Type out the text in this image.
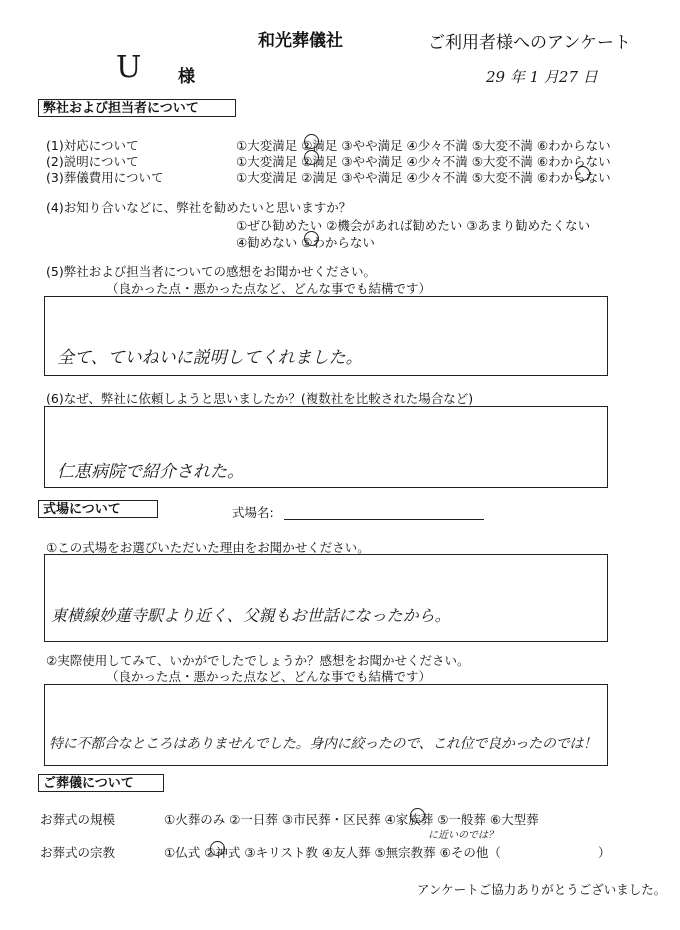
和光葬儀社	ご利用者様へのアンケート
U 様	29 年 1 月27 日
弊社および担当者について
(1)対応について	①大変満足 ②満足 ③やや満足 ④少々不満 ⑤大変不満 ⑥わからない
(2)説明について	①大変満足 ②満足 ③やや満足 ④少々不満 ⑤大変不満 ⑥わからない
(3)葬儀費用について	①大変満足 ②満足 ③やや満足 ④少々不満 ⑤大変不満 ⑥わからない
(4)お知り合いなどに、弊社を勧めたいと思いますか？
①ぜひ勧めたい ②機会があれば勧めたい ③あまり勧めたくない
④勧めない ⑤わからない
(5)弊社および担当者についての感想をお聞かせください。
（良かった点・悪かった点など、どんな事でも結構です）
全て、ていねいに説明してくれました。
(6)なぜ、弊社に依頼しようと思いましたか？(複数社を比較された場合など)
仁恵病院で紹介された。
式場について	式場名:
①この式場をお選びいただいた理由をお聞かせください。
東横線妙蓮寺駅より近く、父親もお世話になったから。
②実際使用してみて、いかがでしたでしょうか？感想をお聞かせください。
（良かった点・悪かった点など、どんな事でも結構です）
特に不都合なところはありませんでした。身内に絞ったので、これ位で良かったのでは！
ご葬儀について
お葬式の規模	①火葬のみ ②一日葬 ③市民葬・区民葬 ④家族葬 ⑤一般葬 ⑥大型葬
に近いのでは？
お葬式の宗教	①仏式 ②神式 ③キリスト教 ④友人葬 ⑤無宗教葬 ⑥その他（	）
アンケートご協力ありがとうございました。
